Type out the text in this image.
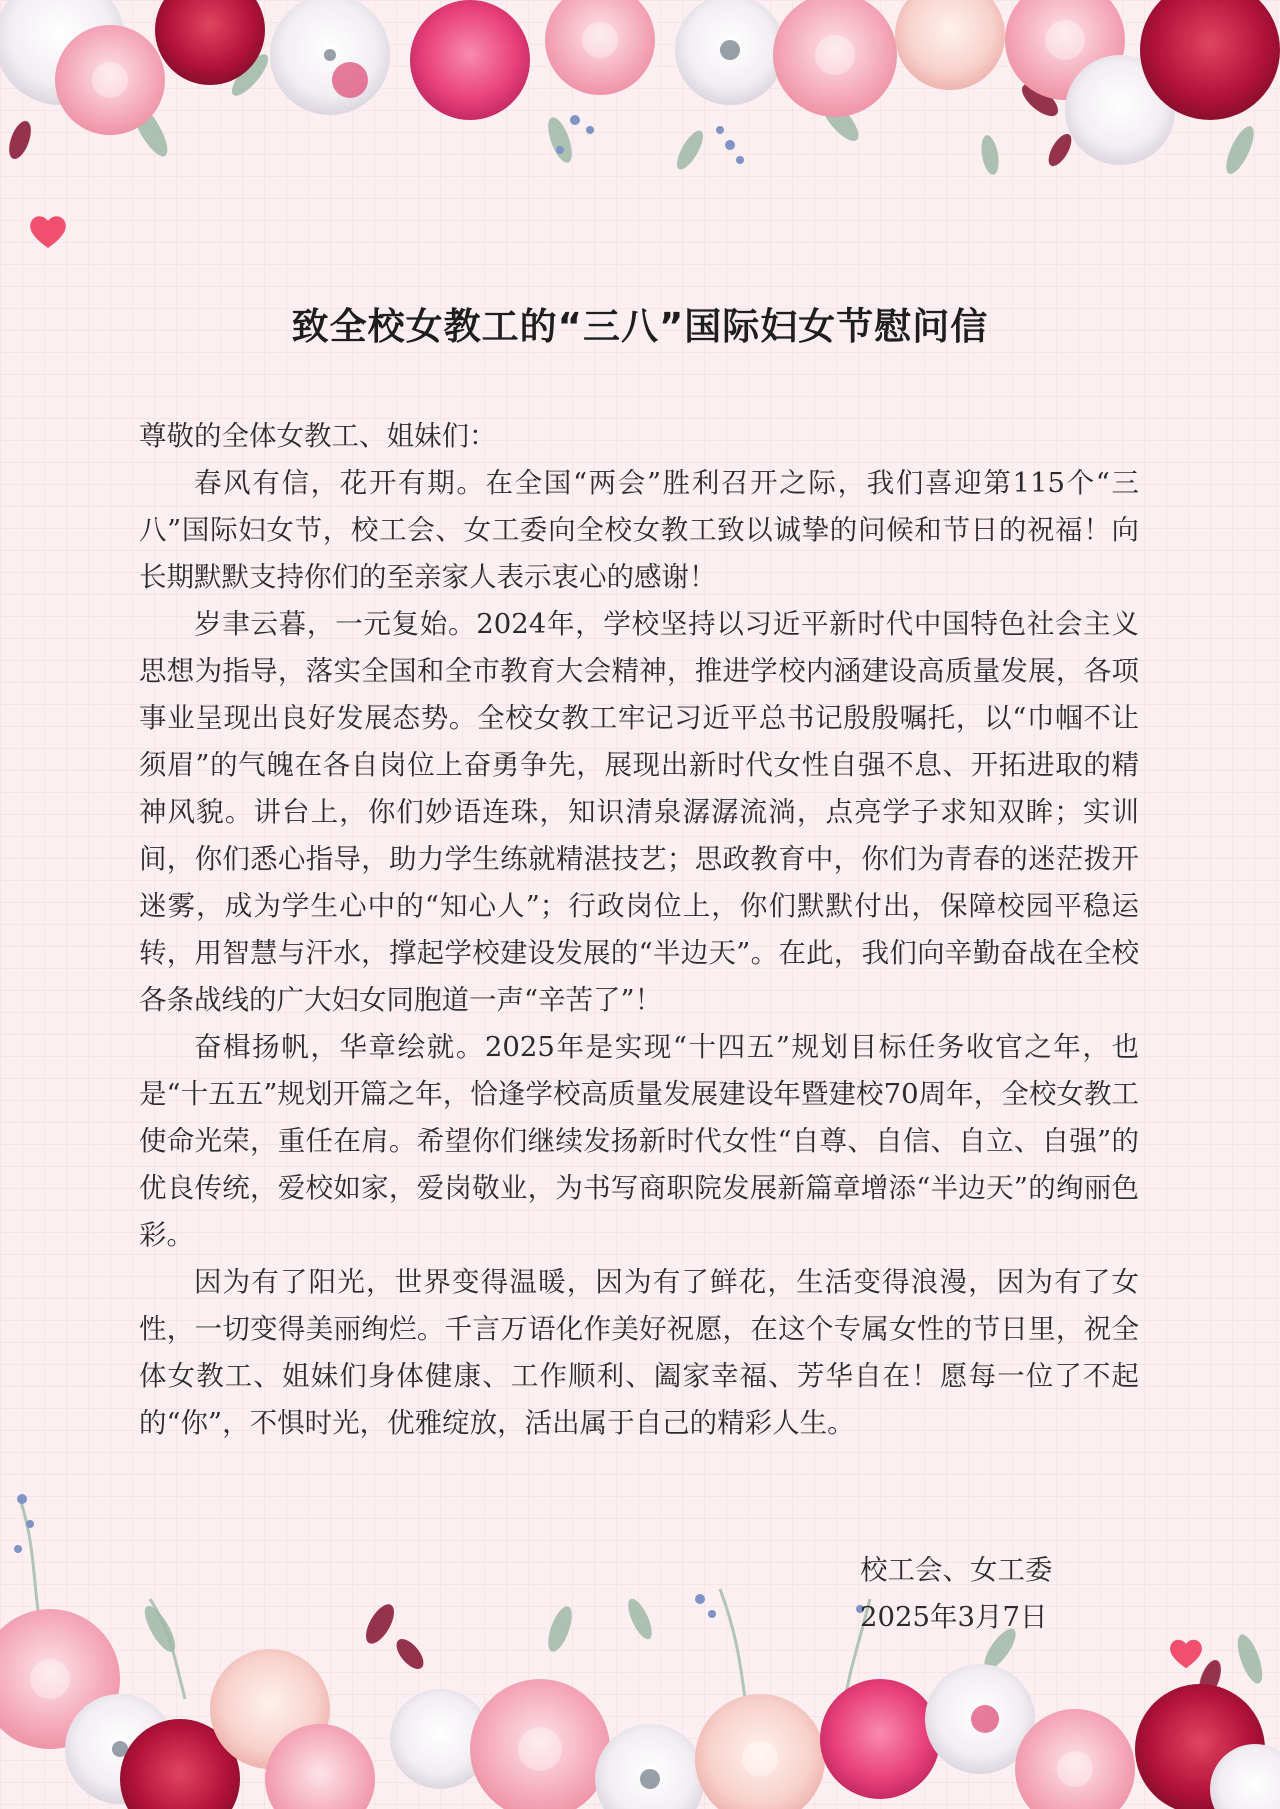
致全校女教工的“三八”国际妇女节慰问信

尊敬的全体女教工、姐妹们：

春风有信，花开有期。在全国“两会”胜利召开之际，我们喜迎第115个“三八”国际妇女节，校工会、女工委向全校女教工致以诚挚的问候和节日的祝福！向长期默默支持你们的至亲家人表示衷心的感谢！

岁聿云暮，一元复始。2024年，学校坚持以习近平新时代中国特色社会主义思想为指导，落实全国和全市教育大会精神，推进学校内涵建设高质量发展，各项事业呈现出良好发展态势。全校女教工牢记习近平总书记殷殷嘱托，以“巾帼不让须眉”的气魄在各自岗位上奋勇争先，展现出新时代女性自强不息、开拓进取的精神风貌。讲台上，你们妙语连珠，知识清泉潺潺流淌，点亮学子求知双眸；实训间，你们悉心指导，助力学生练就精湛技艺；思政教育中，你们为青春的迷茫拨开迷雾，成为学生心中的“知心人”；行政岗位上，你们默默付出，保障校园平稳运转，用智慧与汗水，撑起学校建设发展的“半边天”。在此，我们向辛勤奋战在全校各条战线的广大妇女同胞道一声“辛苦了”！

奋楫扬帆，华章绘就。2025年是实现“十四五”规划目标任务收官之年，也是“十五五”规划开篇之年，恰逢学校高质量发展建设年暨建校70周年，全校女教工使命光荣，重任在肩。希望你们继续发扬新时代女性“自尊、自信、自立、自强”的优良传统，爱校如家，爱岗敬业，为书写商职院发展新篇章增添“半边天”的绚丽色彩。

因为有了阳光，世界变得温暖，因为有了鲜花，生活变得浪漫，因为有了女性，一切变得美丽绚烂。千言万语化作美好祝愿，在这个专属女性的节日里，祝全体女教工、姐妹们身体健康、工作顺利、阖家幸福、芳华自在！愿每一位了不起的“你”，不惧时光，优雅绽放，活出属于自己的精彩人生。

校工会、女工委
2025年3月7日
